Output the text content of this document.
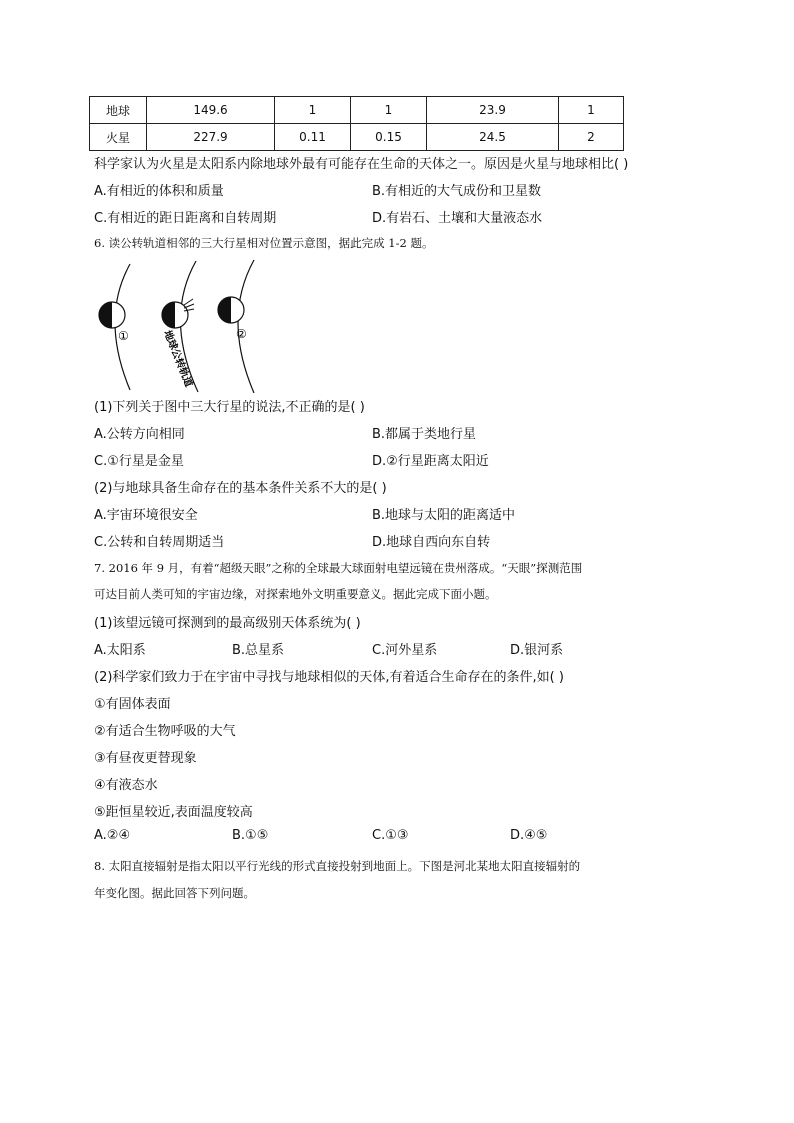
地球	149.6	1	1	23.9	1
火星	227.9	0.11	0.15	24.5	2
科学家认为火星是太阳系内除地球外最有可能存在生命的天体之一。原因是火星与地球相比( )
A.有相近的体积和质量	B.有相近的大气成份和卫星数
C.有相近的距日距离和自转周期	D.有岩石、土壤和大量液态水
6. 读公转轨道相邻的三大行星相对位置示意图，据此完成 1-2 题。
①	②
地球公转轨道
(1)下列关于图中三大行星的说法,不正确的是( )
A.公转方向相同	B.都属于类地行星
C.①行星是金星	D.②行星距离太阳近
(2)与地球具备生命存在的基本条件关系不大的是( )
A.宇宙环境很安全	B.地球与太阳的距离适中
C.公转和自转周期适当	D.地球自西向东自转
7. 2016 年 9 月，有着“超级天眼”之称的全球最大球面射电望远镜在贵州落成。“天眼”探测范围
可达目前人类可知的宇宙边缘，对探索地外文明重要意义。据此完成下面小题。
(1)该望远镜可探测到的最高级别天体系统为( )
A.太阳系	B.总星系	C.河外星系	D.银河系
(2)科学家们致力于在宇宙中寻找与地球相似的天体,有着适合生命存在的条件,如( )
①有固体表面
②有适合生物呼吸的大气
③有昼夜更替现象
④有液态水
⑤距恒星较近,表面温度较高
A.②④	B.①⑤	C.①③	D.④⑤
8. 太阳直接辐射是指太阳以平行光线的形式直接投射到地面上。下图是河北某地太阳直接辐射的
年变化图。据此回答下列问题。
